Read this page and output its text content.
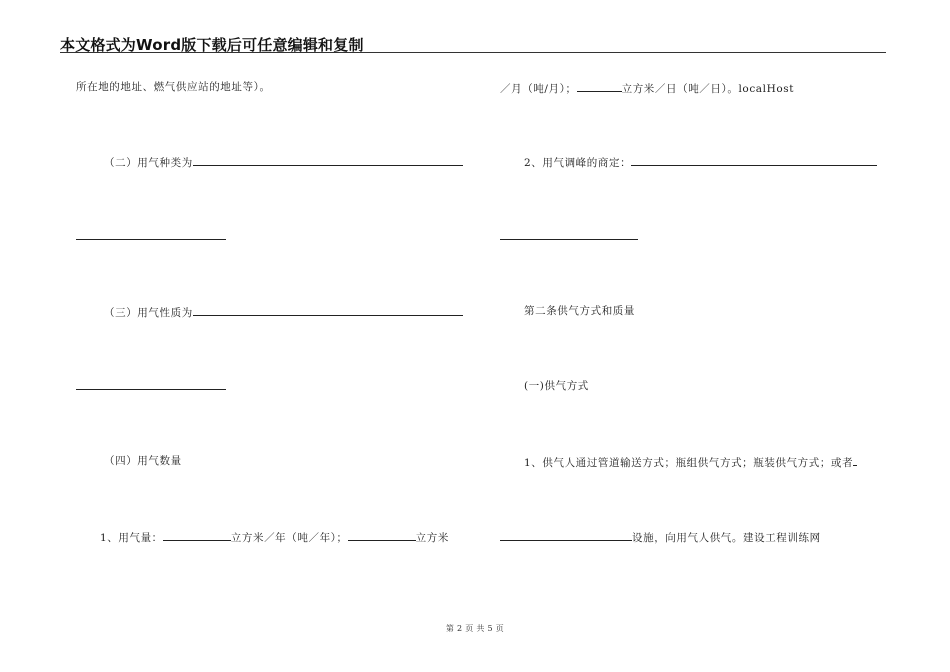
本文格式为Word版下载后可任意编辑和复制
所在地的地址、燃气供应站的地址等）。
（二）用气种类为
（三）用气性质为
（四）用气数量
1、用气量：	立方米／年（吨／年）；	立方米
／月（吨/月）；	立方米／日（吨／日）。localHost
2、用气调峰的商定：
第二条供气方式和质量
(一)供气方式
1、供气人通过管道输送方式；瓶组供气方式；瓶装供气方式；或者
设施，向用气人供气。建设工程训练网
第 2 页 共 5 页
